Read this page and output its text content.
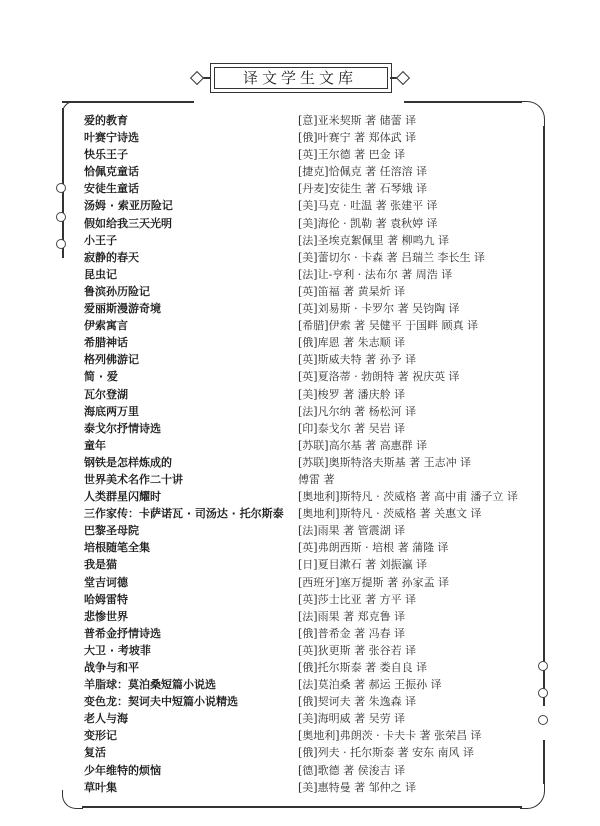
译文学生文库
爱的教育	[意]亚米契斯 著 储蕾 译
叶赛宁诗选	[俄]叶赛宁 著 郑体武 译
快乐王子	[英]王尔德 著 巴金 译
恰佩克童话	[捷克]恰佩克 著 任溶溶 译
安徒生童话	[丹麦]安徒生 著 石琴娥 译
汤姆 · 索亚历险记	[美]马克 · 吐温 著 张建平 译
假如给我三天光明	[美]海伦 · 凯勒 著 袁秋婷 译
小王子	[法]圣埃克絮佩里 著 柳鸣九 译
寂静的春天	[美]蕾切尔 · 卡森 著 吕瑞兰 李长生 译
昆虫记	[法]让-亨利 · 法布尔 著 周浩 译
鲁滨孙历险记	[英]笛福 著 黄杲炘 译
爱丽斯漫游奇境	[英]刘易斯 · 卡罗尔 著 吴钧陶 译
伊索寓言	[希腊]伊索 著 吴健平 于国畔 顾真 译
希腊神话	[俄]库恩 著 朱志顺 译
格列佛游记	[英]斯威夫特 著 孙予 译
简 · 爱	[英]夏洛蒂 · 勃朗特 著 祝庆英 译
瓦尔登湖	[美]梭罗 著 潘庆舲 译
海底两万里	[法]凡尔纳 著 杨松河 译
泰戈尔抒情诗选	[印]泰戈尔 著 吴岩 译
童年	[苏联]高尔基 著 高惠群 译
钢铁是怎样炼成的	[苏联]奥斯特洛夫斯基 著 王志冲 译
世界美术名作二十讲	傅雷 著
人类群星闪耀时	[奥地利]斯特凡 · 茨威格 著 高中甫 潘子立 译
三作家传：卡萨诺瓦 · 司汤达 · 托尔斯泰 [奥地利]斯特凡 · 茨威格 著 关惠文 译
巴黎圣母院	[法]雨果 著 管震湖 译
培根随笔全集	[英]弗朗西斯 · 培根 著 蒲隆 译
我是猫	[日]夏目漱石 著 刘振瀛 译
堂吉诃德	[西班牙]塞万提斯 著 孙家孟 译
哈姆雷特	[英]莎士比亚 著 方平 译
悲惨世界	[法]雨果 著 郑克鲁 译
普希金抒情诗选	[俄]普希金 著 冯春 译
大卫 · 考坡菲	[英]狄更斯 著 张谷若 译
战争与和平	[俄]托尔斯泰 著 娄自良 译
羊脂球：莫泊桑短篇小说选	[法]莫泊桑 著 郝运 王振孙 译
变色龙：契诃夫中短篇小说精选	[俄]契诃夫 著 朱逸森 译
老人与海	[美]海明威 著 吴劳 译
变形记	[奥地利]弗朗茨 · 卡夫卡 著 张荣昌 译
复活	[俄]列夫 · 托尔斯泰 著 安东 南风 译
少年维特的烦恼	[德]歌德 著 侯浚吉 译
草叶集	[美]惠特曼 著 邹仲之 译
